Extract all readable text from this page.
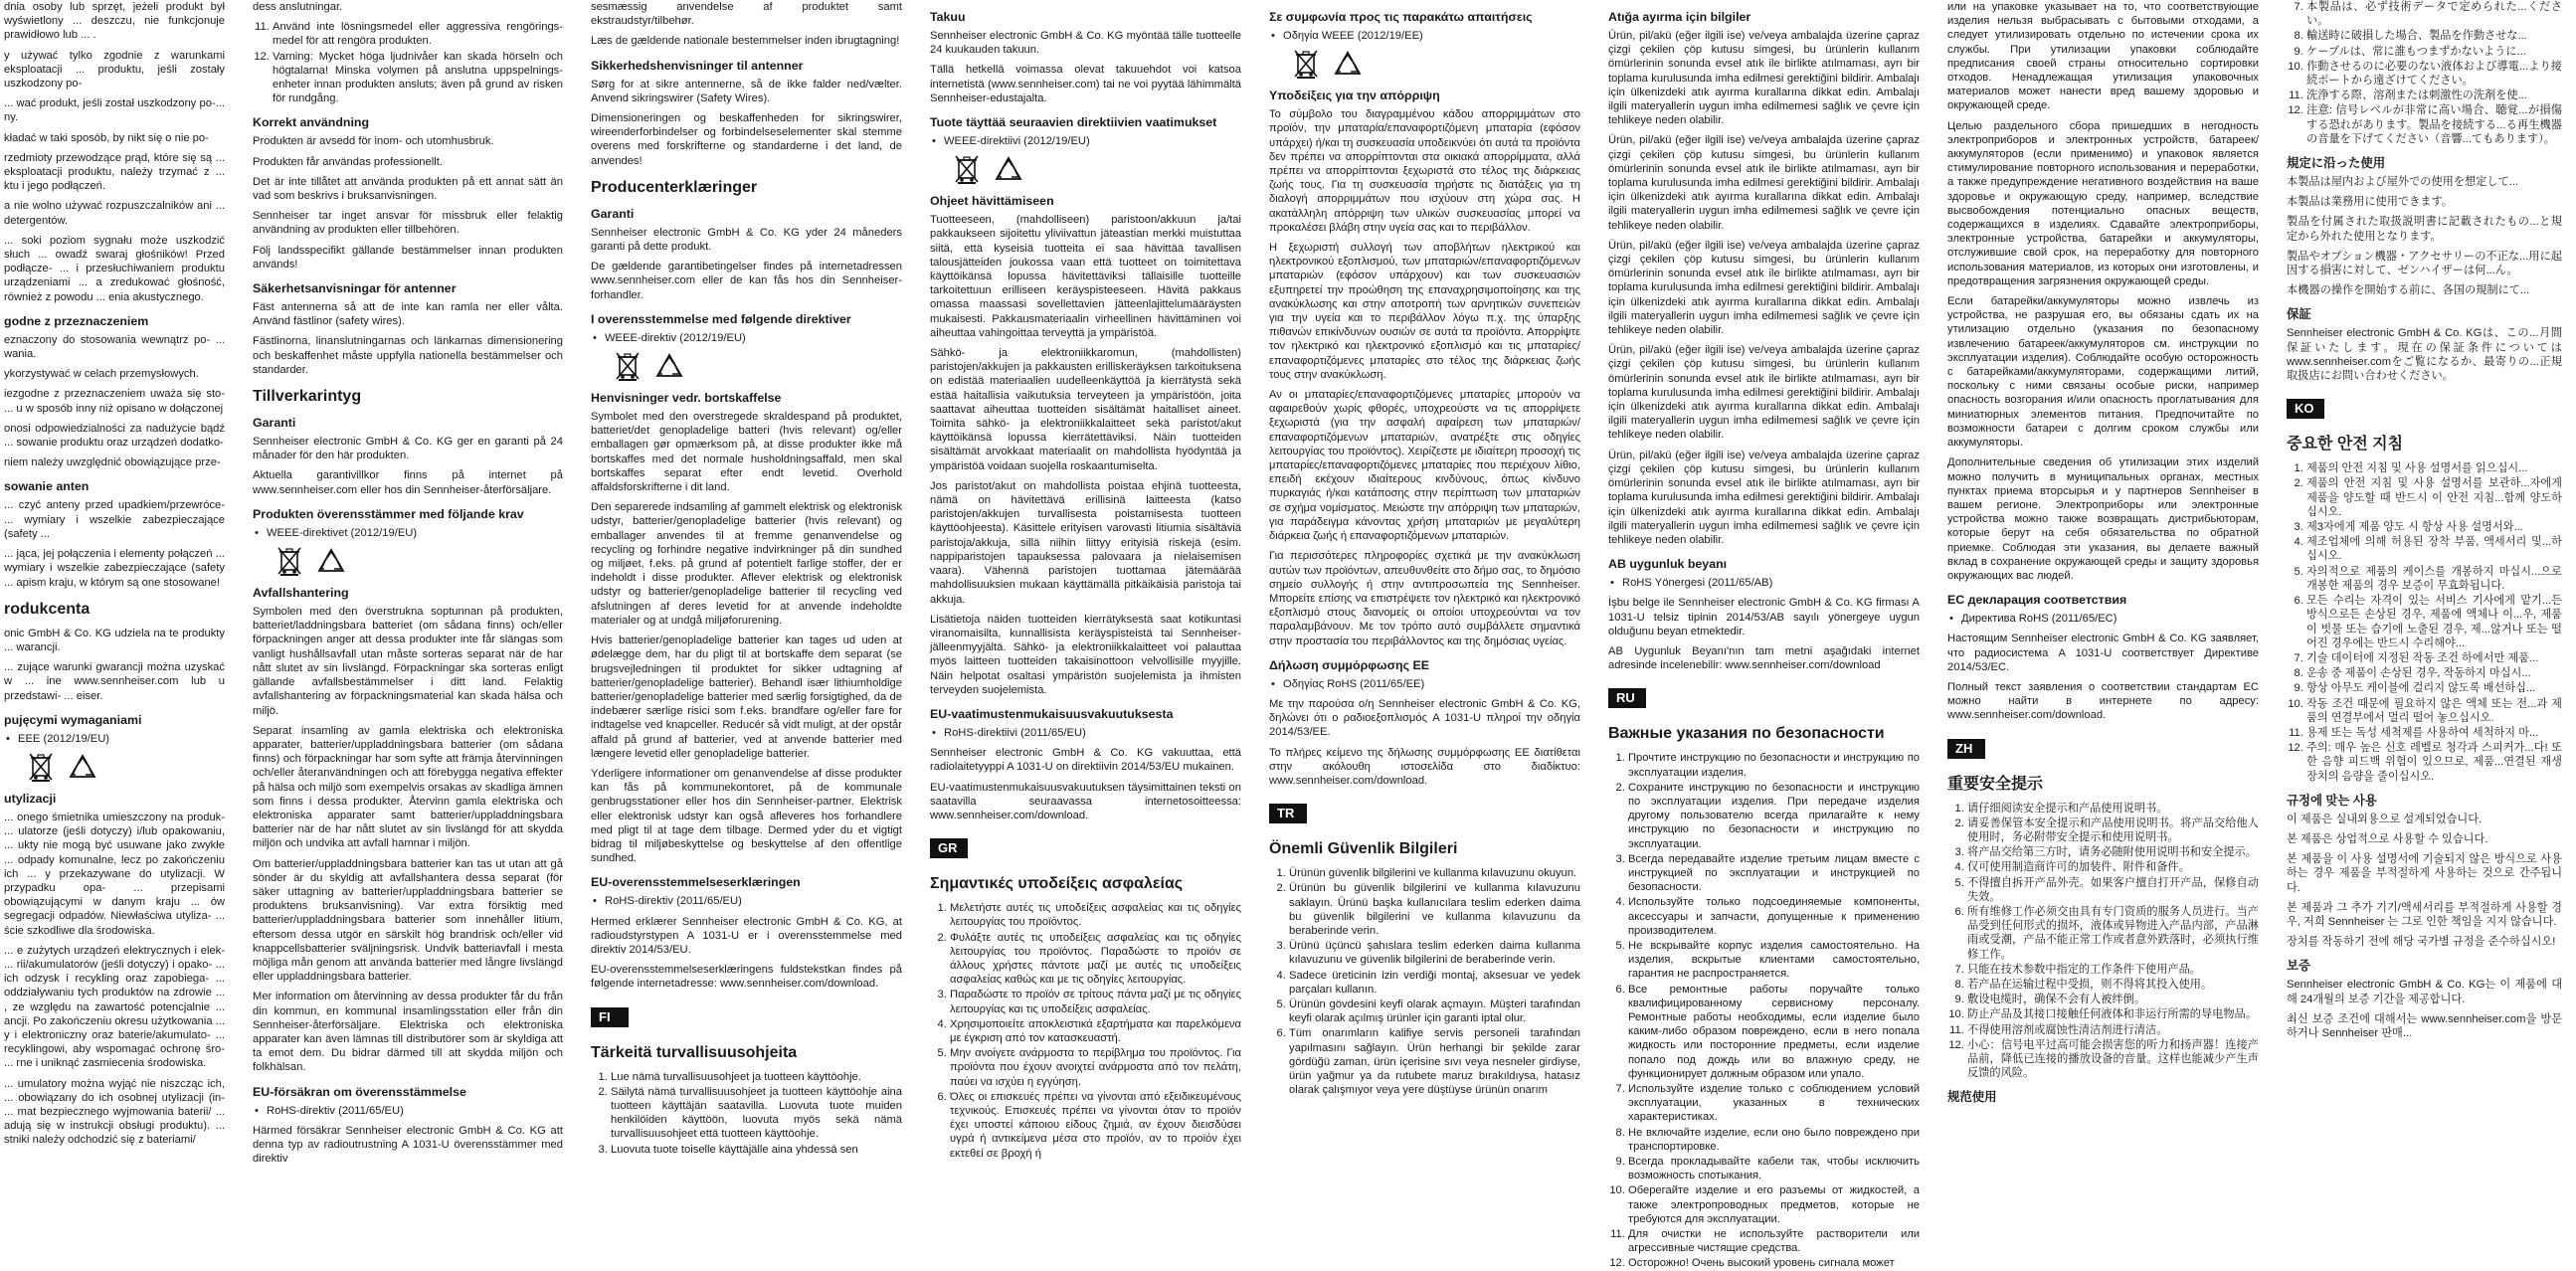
dnia osoby lub sprzęt, jeżeli produkt był wyświetlony ... deszczu, nie funkcjonuje prawidłowo lub ... .

y używać tylko zgodnie z warunkami eksploatacji ... produktu, jeśli zostały uszkodzony po-

... wać produkt, jeśli został uszkodzony po-... ny.

kładać w taki sposób, by nikt się o nie po-

rzedmioty przewodzące prąd, które się są ... eksploatacji produktu, należy trzymać z ... ktu i jego podłączeń.

a nie wolno używać rozpuszczalników ani ... detergentów.

... soki poziom sygnału może uszkodzić słuch ... owadź swaraj głośników! Przed podłącze- ... i przesłuchiwaniem produktu urządzeniami ... a zredukować głośność, również z powodu ... enia akustycznego.

godne z przeznaczeniem

eznaczony do stosowania wewnątrz po- ... wania.

ykorzystywać w celach przemysłowych.

iezgodne z przeznaczeniem uważa się sto- ... u w sposób inny niż opisano w dołączonej

onosi odpowiedzialności za nadużycie bądź ... sowanie produktu oraz urządzeń dodatko-

niem należy uwzględnić obowiązujące prze-

sowanie anten

... czyć anteny przed upadkiem/przewróce- ... wymiary i wszelkie zabezpieczające (safety ...

... jąca, jej połączenia i elementy połączeń ... wymiary i wszelkie zabezpieczające (safety ... apism kraju, w którym są one stosowane!

rodukcenta

onic GmbH & Co. KG udziela na te produkty ... warancji.

... zujące warunki gwarancji można uzyskać w ... ine www.sennheiser.com lub u przedstawi- ... eiser.

pujęcymi wymaganiami
• EEE (2012/19/EU)
utylizacji

... onego śmietnika umieszczony na produk- ... ulatorze (jeśli dotyczy) i/lub opakowaniu, ... ukty nie mogą być usuwane jako zwykłe ... odpady komunalne, lecz po zakończeniu ich ... y przekazywane do utylizacji. W przypadku opa- ... przepisami obowiązującymi w danym kraju ... ów segregacji odpadów. Niewłaściwa utyliza- ... ście szkodliwe dla środowiska.

... e zużytych urządzeń elektrycznych i elek- ... rii/akumulatorów (jeśli dotyczy) i opako- ... ich odzysk i recykling oraz zapobiega- ... oddziaływaniu tych produktów na zdrowie ... , ze względu na zawartość potencjalnie ... ancji. Po zakończeniu okresu użytkowania ... y i elektroniczny oraz baterie/akumulato- ... recyklingowi, aby wspomagać ochronę śro- ... rne i uniknąć zasmiecenia środowiska.

... umulatory można wyjąć nie niszcząc ich, ... obowiązany do ich osobnej utylizacji (in- ... mat bezpiecznego wyjmowania baterii/ ... adują się w instrukcji obsługi produktu). ... stniki należy odchodzić się z bateriami/

dess anslutningar.

11. Använd inte lösningsmedel eller aggressiva rengörings-medel för att rengöra produkten.
12. Varning: Mycket höga ljudnivåer kan skada hörseln och högtalarna! Minska volymen på anslutna uppspelnings-enheter innan produkten ansluts; även på grund av risken för rundgång.
Korrekt användning

Produkten är avsedd för inom- och utomhusbruk.

Produkten får användas professionellt.

Det är inte tillåtet att använda produkten på ett annat sätt än vad som beskrivs i bruksanvisningen.

Sennheiser tar inget ansvar för missbruk eller felaktig användning av produkten eller tillbehören.

Följ landsspecifikt gällande bestämmelser innan produkten används!

Säkerhetsanvisningar för antenner

Fäst antennerna så att de inte kan ramla ner eller vålta. Använd fästlinor (safety wires).

Fästlinorna, linanslutningarnas och länkarnas dimensionering och beskaffenhet måste uppfylla nationella bestämmelser och standarder.

Tillverkarintyg
Garanti

Sennheiser electronic GmbH & Co. KG ger en garanti på 24 månader för den här produkten.

Aktuella garantivillkor finns på internet på www.sennheiser.com eller hos din Sennheiser-återförsäljare.

Produkten överensstämmer med följande krav
• WEEE-direktivet (2012/19/EU)
Avfallshantering

Symbolen med den överstrukna soptunnan på produkten, batteriet/laddningsbara batteriet (om sådana finns) och/eller förpackningen anger att dessa produkter inte får slängas som vanligt hushållsavfall utan måste sorteras separat när de har nått slutet av sin livslängd. Förpackningar ska sorteras enligt gällande avfallsbestämmelser i ditt land. Felaktig avfallshantering av förpackningsmaterial kan skada hälsa och miljö.

Separat insamling av gamla elektriska och elektroniska apparater, batterier/uppladdningsbara batterier (om sådana finns) och förpackningar har som syfte att främja återvinningen och/eller återanvändningen och att förebygga negativa effekter på hälsa och miljö som exempelvis orsakas av skadliga ämnen som finns i dessa produkter. Återvinn gamla elektriska och elektroniska apparater samt batterier/uppladdningsbara batterier när de har nått slutet av sin livslängd för att skydda miljön och undvika att avfall hamnar i miljön.

Om batterier/uppladdningsbara batterier kan tas ut utan att gå sönder är du skyldig att avfallshantera dessa separat (för säker uttagning av batterier/uppladdningsbara batterier se produktens bruksanvisning). Var extra försiktig med batterier/uppladdningsbara batterier som innehåller litium, eftersom dessa utgör en särskilt hög brandrisk och/eller vid knappcellsbatterier sväljningsrisk. Undvik batteriavfall i mesta möjliga mån genom att använda batterier med långre livslängd eller uppladdningsbara batterier.

Mer information om återvinning av dessa produkter får du från din kommun, en kommunal insamlingsstation eller från din Sennheiser-återförsäljare. Elektriska och elektroniska apparater kan även lämnas till distributörer som är skyldiga att ta emot dem. Du bidrar därmed till att skydda miljön och folkhälsan.

EU-försäkran om överensstämmelse
• RoHS-direktiv (2011/65/EU)

Härmed försäkrar Sennheiser electronic GmbH & Co. KG att denna typ av radioutrustning A 1031-U överensstämmer med direktiv

sesmæssig anvendelse af produktet samt ekstraudstyr/tilbehør.

Læs de gældende nationale bestemmelser inden ibrugtagning!

Sikkerhedshenvisninger til antenner

Sørg for at sikre antennerne, så de ikke falder ned/vælter. Anvend sikringswirer (Safety Wires).

Dimensioneringen og beskaffenheden for sikringswirer, wireenderforbindelser og forbindelseselementer skal stemme overens med forskrifterne og standarderne i det land, de anvendes!

Producenterklæringer
Garanti

Sennheiser electronic GmbH & Co. KG yder 24 måneders garanti på dette produkt.

De gældende garantibetingelser findes på internetadressen www.sennheiser.com eller de kan fås hos din Sennheiser-forhandler.

I overensstemmelse med følgende direktiver
• WEEE-direktiv (2012/19/EU)
Henvisninger vedr. bortskaffelse

Symbolet med den overstregede skraldespand på produktet, batteriet/det genopladelige batteri (hvis relevant) og/eller emballagen gør opmærksom på, at disse produkter ikke må bortskaffes med det normale husholdningsaffald, men skal bortskaffes separat efter endt levetid. Overhold affaldsforskrifterne i dit land.

Den separerede indsamling af gammelt elektrisk og elektronisk udstyr, batterier/genopladelige batterier (hvis relevant) og emballager anvendes til at fremme genanvendelse og recycling og forhindre negative indvirkninger på din sundhed og miljøet, f.eks. på grund af potentielt farlige stoffer, der er indeholdt i disse produkter. Aflever elektrisk og elektronisk udstyr og batterier/genopladelige batterier til recycling ved afslutningen af deres levetid for at anvende indeholdte materialer og at undgå miljøforurening.

Hvis batterier/genopladelige batterier kan tages ud uden at ødelægge dem, har du pligt til at bortskaffe dem separat (se brugsvejledningen til produktet for sikker udtagning af batterier/genopladelige batterier). Behandl især lithiumholdige batterier/genopladelige batterier med særlig forsigtighed, da de indebærer særlige risici som f.eks. brandfare og/eller fare for indtagelse ved knapceller. Reducér så vidt muligt, at der opstår affald på grund af batterier, ved at anvende batterier med længere levetid eller genopladelige batterier.

Yderligere informationer om genanvendelse af disse produkter kan fås på kommunekontoret, på de kommunale genbrugsstationer eller hos din Sennheiser-partner. Elektrisk eller elektronisk udstyr kan også afleveres hos forhandlere med pligt til at tage dem tilbage. Dermed yder du et vigtigt bidrag til miljøbeskyttelse og beskyttelse af den offentlige sundhed.

EU-overensstemmelseserklæringen
• RoHS-direktiv (2011/65/EU)

Hermed erklærer Sennheiser electronic GmbH & Co. KG, at radioudstyrstypen A 1031-U er i overensstemmelse med direktiv 2014/53/EU.

EU-overensstemmelseserklæringens fuldstekstkan findes på følgende internetadresse: www.sennheiser.com/download.

FI
Tärkeitä turvallisuusohjeita
1. Lue nämä turvallisuusohjeet ja tuotteen käyttöohje.
2. Säilytä nämä turvallisuusohjeet ja tuotteen käyttöohje aina tuotteen käyttäjän saatavilla. Luovuta tuote muiden henkilöiden käyttöön, luovuta myös sekä nämä turvallisuusohjeet että tuotteen käyttöohje.
3. Luovuta tuote toiselle käyttäjälle aina yhdessä sen
Takuu

Sennheiser electronic GmbH & Co. KG myöntää tälle tuotteelle 24 kuukauden takuun.

Tällä hetkellä voimassa olevat takuuehdot voi katsoa internetistä (www.sennheiser.com) tai ne voi pyytää lähimmältä Sennheiser-edustajalta.

Tuote täyttää seuraavien direktiivien vaatimukset
• WEEE-direktiivi (2012/19/EU)
Ohjeet hävittämiseen

Tuotteeseen, (mahdolliseen) paristoon/akkuun ja/tai pakkaukseen sijoitettu yliviivattun jäteastian merkki muistuttaa siitä, että kyseisiä tuotteita ei saa hävittää tavallisen talousjätteiden joukossa vaan että tuotteet on toimitettava käyttöikänsä lopussa hävitettäviksi tällaisille tuotteille tarkoitettuun erilliseen keräyspisteeseen. Hävitä pakkaus omassa maassasi sovellettavien jätteenlajittelumääräysten mukaisesti. Pakkausmateriaalin virheellinen hävittäminen voi aiheuttaa vahingoittaa terveyttä ja ympäristöä.

Sähkö- ja elektroniikkaromun, (mahdollisten) paristojen/akkujen ja pakkausten erilliskeräyksen tarkoituksena on edistää materiaalien uudelleenkäyttöä ja kierrätystä sekä estää haitallisia vaikutuksia terveyteen ja ympäristöön, joita saattavat aiheuttaa tuotteiden sisältämät haitalliset aineet. Toimita sähkö- ja elektroniikkalaitteet sekä paristot/akut käyttöikänsä lopussa kierrätettäviksi. Näin tuotteiden sisältämät arvokkaat materiaalit on mahdollista hyödyntää ja ympäristöä voidaan suojella roskaantumiselta.

Jos paristot/akut on mahdollista poistaa ehjinä tuotteesta, nämä on hävitettävä erillisinä laitteesta (katso paristojen/akkujen turvallisesta poistamisesta tuotteen käyttöohjeesta). Käsittele erityisen varovasti litiumia sisältäviä paristoja/akkuja, sillä niihin liittyy erityisiä riskejä (esim. nappiparistojen tapauksessa palovaara ja nielaisemisen vaara). Vähennä paristojen tuottamaa jätemäärää mahdollisuuksien mukaan käyttämällä pitkäikäisiä paristoja tai akkuja.

Lisätietoja näiden tuotteiden kierrätyksestä saat kotikuntasi viranomaisilta, kunnallisista keräyspisteistä tai Sennheiser-jälleenmyyjältä. Sähkö- ja elektroniikkalaitteet voi palauttaa myös laitteen tuotteiden takaisinottoon velvollisille myyjille. Näin helpotat osaltasi ympäristön suojelemista ja ihmisten terveyden suojelemista.

EU-vaatimustenmukaisuusvakuutuksesta
• RoHS-direktiivi (2011/65/EU)

Sennheiser electronic GmbH & Co. KG vakuuttaa, että radiolaitetyyppi A 1031-U on direktiivin 2014/53/EU mukainen.

EU-vaatimustenmukaisuusvakuutuksen täysimittainen teksti on saatavilla seuraavassa internetosoitteessa: www.sennheiser.com/download.

GR
Σημαντικές υποδείξεις ασφαλείας
1. Μελετήστε αυτές τις υποδείξεις ασφαλείας και τις οδηγίες λειτουργίας του προϊόντος.
2. Φυλάξτε αυτές τις υποδείξεις ασφαλείας και τις οδηγίες λειτουργίας του προϊόντος. Παραδώστε το προϊόν σε άλλους χρήστες πάντοτε μαζί με αυτές τις υποδείξεις ασφαλείας καθώς και με τις οδηγίες λειτουργίας.
3. Παραδώστε το προϊόν σε τρίτους πάντα μαζί με τις οδηγίες λειτουργίας και τις υποδείξεις ασφαλείας.
4. Χρησιμοποιείτε αποκλειστικά εξαρτήματα και παρελκόμενα με έγκριση από τον κατασκευαστή.
5. Μην ανοίγετε ανάρμοστα το περίβλημα του προϊόντος. Για προϊόντα που έχουν ανοιχτεί ανάρμοστα από τον πελάτη, παύει να ισχύει η εγγύηση.
6. Όλες οι επισκευές πρέπει να γίνονται από εξειδικευμένους τεχνικούς. Επισκευές πρέπει να γίνονται όταν το προϊόν έχει υποστεί κάποιου είδους ζημιά, αν έχουν διεισδύσει υγρά ή αντικείμενα μέσα στο προϊόν, αν το προϊόν έχει εκτεθεί σε βροχή ή
Σε συμφωνία προς τις παρακάτω απαιτήσεις
• Οδηγία WEEE (2012/19/EE)
Υποδείξεις για την απόρριψη

Το σύμβολο του διαγραμμένου κάδου απορριμμάτων στο προϊόν, την μπαταρία/επαναφορτιζόμενη μπαταρία (εφόσον υπάρχει) ή/και τη συσκευασία υποδεικνύει ότι αυτά τα προϊόντα δεν πρέπει να απορρίπτονται στα οικιακά απορρίμματα, αλλά πρέπει να απορρίπτονται ξεχωριστά στο τέλος της διάρκειας ζωής τους. Για τη συσκευασία τηρήστε τις διατάξεις για τη διαλογή απορριμμάτων που ισχύουν στη χώρα σας. Η ακατάλληλη απόρριψη των υλικών συσκευασίας μπορεί να προκαλέσει βλάβη στην υγεία σας και το περιβάλλον.

Η ξεχωριστή συλλογή των αποβλήτων ηλεκτρικού και ηλεκτρονικού εξοπλισμού, των μπαταριών/επαναφορτιζόμενων μπαταριών (εφόσον υπάρχουν) και των συσκευασιών εξυπηρετεί την προώθηση της επαναχρησιμοποίησης και της ανακύκλωσης και στην αποτροπή των αρνητικών συνεπειών για την υγεία και το περιβάλλον λόγω π.χ. της ύπαρξης πιθανών επικίνδυνων ουσιών σε αυτά τα προϊόντα. Απορρίψτε τον ηλεκτρικό και ηλεκτρονικό εξοπλισμό και τις μπαταρίες/επαναφορτιζόμενες μπαταρίες στο τέλος της διάρκειας ζωής τους στην ανακύκλωση.

Αν οι μπαταρίες/επαναφορτιζόμενες μπαταρίες μπορούν να αφαιρεθούν χωρίς φθορές, υποχρεούστε να τις απορρίψετε ξεχωριστά (για την ασφαλή αφαίρεση των μπαταριών/επαναφορτιζόμενων μπαταριών, ανατρέξτε στις οδηγίες λειτουργίας του προϊόντος). Χειρίζεστε με ιδιαίτερη προσοχή τις μπαταρίες/επαναφορτιζόμενες μπαταρίες που περιέχουν λίθιο, επειδή εκέχουν ιδιαίτερους κινδύνους, όπως κίνδυνο πυρκαγιάς ή/και κατάποσης στην περίπτωση των μπαταριών σε σχήμα νομίσματος. Μειώστε την απόρριψη των μπαταριών, για παράδειγμα κάνοντας χρήση μπαταριών με μεγαλύτερη διάρκεια ζωής ή επαναφορτιζόμενων μπαταριών.

Για περισσότερες πληροφορίες σχετικά με την ανακύκλωση αυτών των προϊόντων, απευθυνθείτε στο δήμο σας, το δημόσιο σημείο συλλογής ή στην αντιπροσωπεία της Sennheiser. Μπορείτε επίσης να επιστρέψετε τον ηλεκτρικό και ηλεκτρονικό εξοπλισμό στους διανομείς οι οποίοι υποχρεούνται να τον παραλαμβάνουν. Με τον τρόπο αυτό συμβάλλετε σημαντικά στην προστασία του περιβάλλοντος και της δημόσιας υγείας.

Δήλωση συμμόρφωσης ΕΕ
• Οδηγίας RoHS (2011/65/EE)

Με την παρούσα ο/η Sennheiser electronic GmbH & Co. KG, δηλώνει ότι ο ραδιοεξοπλισμός A 1031-U πληροί την οδηγία 2014/53/ΕΕ.

Το πλήρες κείμενο της δήλωσης συμμόρφωσης ΕΕ διατίθεται στην ακόλουθη ιστοσελίδα στο διαδίκτυο: www.sennheiser.com/download.

TR
Önemli Güvenlik Bilgileri
1. Ürünün güvenlik bilgilerini ve kullanma kılavuzunu okuyun.
2. Ürünün bu güvenlik bilgilerini ve kullanma kılavuzunu saklayın. Ürünü başka kullanıcılara teslim ederken daima bu güvenlik bilgilerini ve kullanma kılavuzunu da beraberinde verin.
3. Ürünü üçüncü şahıslara teslim ederken daima kullanma kılavuzunu ve güvenlik bilgilerini de beraberinde verin.
4. Sadece üreticinin izin verdiği montaj, aksesuar ve yedek parçaları kullanın.
5. Ürünün gövdesini keyfi olarak açmayın. Müşteri tarafından keyfi olarak açılmış ürünler için garanti iptal olur.
6. Tüm onarımların kalifiye servis personeli tarafından yapılmasını sağlayın. Ürün herhangi bir şekilde zarar gördüğü zaman, ürün içerisine sıvı veya nesneler girdiyse, ürün yağmur ya da rutubete maruz bırakıldıysa, hatasız olarak çalışmıyor veya yere düştüyse ürünün onarım
Atığa ayırma için bilgiler

Ürün, pil/akü (eğer ilgili ise) ve/veya ambalajda üzerine çapraz çizgi çekilen çöp kutusu simgesi, bu ürünlerin kullanım ömürlerinin sonunda evsel atık ile birlikte atılmaması, ayrı bir toplama kurulusunda imha edilmesi gerektiğini bildirir. Ambalajı için ülkenizdeki atık ayırma kurallarına dikkat edin. Ambalajı ilgili materyallerin uygun imha edilmemesi sağlık ve çevre için tehlikeye neden olabilir.

Ürün, pil/akü (eğer ilgili ise) ve/veya ambalajda üzerine çapraz çizgi çekilen çöp kutusu simgesi, bu ürünlerin kullanım ömürlerinin sonunda evsel atık ile birlikte atılmaması, ayrı bir toplama kurulusunda imha edilmesi gerektiğini bildirir. Ambalajı için ülkenizdeki atık ayırma kurallarına dikkat edin. Ambalajı ilgili materyallerin uygun imha edilmemesi sağlık ve çevre için tehlikeye neden olabilir.

Ürün, pil/akü (eğer ilgili ise) ve/veya ambalajda üzerine çapraz çizgi çekilen çöp kutusu simgesi, bu ürünlerin kullanım ömürlerinin sonunda evsel atık ile birlikte atılmaması, ayrı bir toplama kurulusunda imha edilmesi gerektiğini bildirir. Ambalajı için ülkenizdeki atık ayırma kurallarına dikkat edin. Ambalajı ilgili materyallerin uygun imha edilmemesi sağlık ve çevre için tehlikeye neden olabilir.

Ürün, pil/akü (eğer ilgili ise) ve/veya ambalajda üzerine çapraz çizgi çekilen çöp kutusu simgesi, bu ürünlerin kullanım ömürlerinin sonunda evsel atık ile birlikte atılmaması, ayrı bir toplama kurulusunda imha edilmesi gerektiğini bildirir. Ambalajı için ülkenizdeki atık ayırma kurallarına dikkat edin. Ambalajı ilgili materyallerin uygun imha edilmemesi sağlık ve çevre için tehlikeye neden olabilir.

Ürün, pil/akü (eğer ilgili ise) ve/veya ambalajda üzerine çapraz çizgi çekilen çöp kutusu simgesi, bu ürünlerin kullanım ömürlerinin sonunda evsel atık ile birlikte atılmaması, ayrı bir toplama kurulusunda imha edilmesi gerektiğini bildirir. Ambalajı için ülkenizdeki atık ayırma kurallarına dikkat edin. Ambalajı ilgili materyallerin uygun imha edilmemesi sağlık ve çevre için tehlikeye neden olabilir.

AB uygunluk beyanı
• RoHS Yönergesi (2011/65/AB)

İşbu belge ile Sennheiser electronic GmbH & Co. KG firması A 1031-U telsiz tipinin 2014/53/AB sayılı yönergeye uygun olduğunu beyan etmektedir.

AB Uygunluk Beyanı'nın tam metni aşağıdaki internet adresinde incelenebilir: www.sennheiser.com/download

RU
Важные указания по безопасности
1. Прочтите инструкцию по безопасности и инструкцию по эксплуатации изделия.
2. Сохраните инструкцию по безопасности и инструкцию по эксплуатации изделия. При передаче изделия другому пользователю всегда прилагайте к нему инструкцию по безопасности и инструкцию по эксплуатации.
3. Всегда передавайте изделие третьим лицам вместе с инструкцией по эксплуатации и инструкцией по безопасности.
4. Используйте только подсоединяемые компоненты, аксессуары и запчасти, допущенные к применению производителем.
5. Не вскрывайте корпус изделия самостоятельно. На изделия, вскрытые клиентами самостоятельно, гарантия не распространяется.
6. Все ремонтные работы поручайте только квалифицированному сервисному персоналу. Ремонтные работы необходимы, если изделие было каким-либо образом повреждено, если в него попала жидкость или посторонние предметы, если изделие попало под дождь или во влажную среду, не функционирует должным образом или упало.
7. Используйте изделие только с соблюдением условий эксплуатации, указанных в технических характеристиках.
8. Не включайте изделие, если оно было повреждено при транспортировке.
9. Всегда прокладывайте кабели так, чтобы исключить возможность спотыкания.
10. Оберегайте изделие и его разъемы от жидкостей, а также электропроводных предметов, которые не требуются для эксплуатации.
11. Для очистки не используйте растворители или агрессивные чистящие средства.
12. Осторожно! Очень высокий уровень сигнала может

или на упаковке указывает на то, что соответствующие изделия нельзя выбрасывать с бытовыми отходами, а следует утилизировать отдельно по истечении срока их службы. При утилизации упаковки соблюдайте предписания своей страны относительно сортировки отходов. Ненадлежащая утилизация упаковочных материалов может нанести вред вашему здоровью и окружающей среде.

Целью раздельного сбора пришедших в негодность электроприборов и электронных устройств, батареек/аккумуляторов (если применимо) и упаковок является стимулирование повторного использования и переработки, а также предупреждение негативного воздействия на ваше здоровье и окружающую среду, например, вследствие высвобождения потенциально опасных веществ, содержащихся в изделиях. Сдавайте электроприборы, электронные устройства, батарейки и аккумуляторы, отслужившие свой срок, на переработку для повторного использования материалов, из которых они изготовлены, и предотвращения загрязнения окружающей среды.

Если батарейки/аккумуляторы можно извлечь из устройства, не разрушая его, вы обязаны сдать их на утилизацию отдельно (указания по безопасному извлечению батареек/аккумуляторов см. инструкции по эксплуатации изделия). Соблюдайте особую осторожность с батарейками/аккумуляторами, содержащими литий, поскольку с ними связаны особые риски, например опасность возгорания и/или опасность проглатывания для миниатюрных элементов питания. Предпочитайте по возможности батареи с долгим сроком службы или аккумуляторы.

Дополнительные сведения об утилизации этих изделий можно получить в муниципальных органах, местных пунктах приема вторсырья и у партнеров Sennheiser в вашем регионе. Электроприборы или электронные устройства можно также возвращать дистрибьюторам, которые берут на себя обязательства по обратной приемке. Соблюдая эти указания, вы делаете важный вклад в сохранение окружающей среды и защиту здоровья окружающих вас людей.

ЕС декларация соответствия
• Директива RoHS (2011/65/ЕС)

Настоящим Sennheiser electronic GmbH & Co. KG заявляет, что радиосистема A 1031-U соответствует Директиве 2014/53/EC.

Полный текст заявления о соответствии стандартам ЕС можно найти в интернете по адресу: www.sennheiser.com/download.

ZH
重要安全提示
1. 请仔细阅读安全提示和产品使用说明书。
2. 请妥善保管本安全提示和产品使用说明书。将产品交给他人使用时，务必附带安全提示和使用说明书。
3. 将产品交给第三方时，请务必随附使用说明书和安全提示。
4. 仅可使用制造商许可的加装件、附件和备件。
5. 不得擅自拆开产品外壳。如果客户擅自打开产品，保修自动失效。
6. 所有维修工作必须交由具有专门资质的服务人员进行。当产品受到任何形式的损坏，液体或异物进入产品内部，产品淋雨或受潮，产品不能正常工作或者意外跌落时，必须执行维修工作。
7. 只能在技术参数中指定的工作条件下使用产品。
8. 若产品在运输过程中受损，则不得将其投入使用。
9. 敷设电缆时，确保不会有人被绊倒。
10. 防止产品及其接口接触任何液体和非运行所需的导电物品。
11. 不得使用溶剂或腐蚀性清洁剂进行清洁。
12. 小心：信号电平过高可能会损害您的听力和扬声器！连接产品前，降低已连接的播放设备的音量。这样也能减少产生声反馈的风险。
规范使用
7. 本製品は、必ず技術データで定められた...ください。
8. 輸送時に破損した場合、製品を作動させな...
9. ケーブルは、常に誰もつまずかないように...
10. 作動させるのに必要のない液体および導電...より接続ポートから遠ざけてください。
11. 洗浄する際、溶剤または刺激性の洗剤を使...
12. 注意: 信号レベルが非常に高い場合、聴覚...が損傷する恐れがあります。製品を接続する...る再生機器の音量を下げてください（音響...てもあります）。
規定に沿った使用

本製品は屋内および屋外での使用を想定して...

本製品は業務用に使用できます。

製品を付属された取扱説明書に記載されたもの...と規定から外れた使用となります。

製品やオプション機器・アクセサリーの不正な...用に起因する損害に対して、ゼンハイザーは何...ん。

本機器の操作を開始する前に、各国の規制にて...

保証

Sennheiser electronic GmbH & Co. KGは、この...月間保証いたします。現在の保証条件についてはwww.sennheiser.comをご覧になるか、最寄りの...正規取扱店にお問い合わせください。

KO
중요한 안전 지침
1. 제품의 안전 지침 및 사용 설명서를 읽으십시...
2. 제품의 안전 지침 및 사용 설명서를 보관하...자에게 제품을 양도할 때 반드시 이 안전 지침...함께 양도하십시오.
3. 제3자에게 제품 양도 시 항상 사용 설명서와...
4. 제조업체에 의해 허용된 장착 부품, 액세서리 및...하십시오.
5. 자의적으로 제품의 케이스를 개봉하지 마십시...으로 개봉한 제품의 경우 보증이 무효화됩니다.
6. 모든 수리는 자격이 있는 서비스 기사에게 맡기...든 방식으로든 손상된 경우, 제품에 액체나 이...우, 제품이 빗물 또는 습기에 노출된 경우, 제...않거나 또는 떨어진 경우에는 반드시 수리해야...
7. 기술 데이터에 지정된 작동 조건 하에서만 제품...
8. 운송 중 제품이 손상된 경우, 작동하지 마십시...
9. 항상 아무도 케이블에 걸리지 않도록 배선하십...
10. 작동 조건 때문에 필요하지 않은 액체 또는 전...과 제품의 연결부에서 멀리 떨어 놓으십시오.
11. 용제 또는 독성 세척제를 사용하여 세척하지 마...
12. 주의: 매우 높은 신호 레벨로 청각과 스피커가...다! 또한 음향 피드백 위험이 있으므로, 제품...연결된 재생 장치의 음량을 줄이십시오.
규정에 맞는 사용

이 제품은 실내외용으로 설계되었습니다.

본 제품은 상업적으로 사용할 수 있습니다.

본 제품을 이 사용 설명서에 기술되지 않은 방식으로 사용하는 경우 제품을 부적절하게 사용하는 것으로 간주됩니다.

본 제품과 그 추가 기기/액세서리를 부적절하게 사용할 경우, 저희 Sennheiser 는 그로 인한 책임을 지지 않습니다.

장치를 작동하기 전에 해당 국가별 규정을 준수하십시오!

보증

Sennheiser electronic GmbH & Co. KG는 이 제품에 대해 24개월의 보증 기간을 제공합니다.

최신 보증 조건에 대해서는 www.sennheiser.com을 방문하거나 Sennheiser 판매...
